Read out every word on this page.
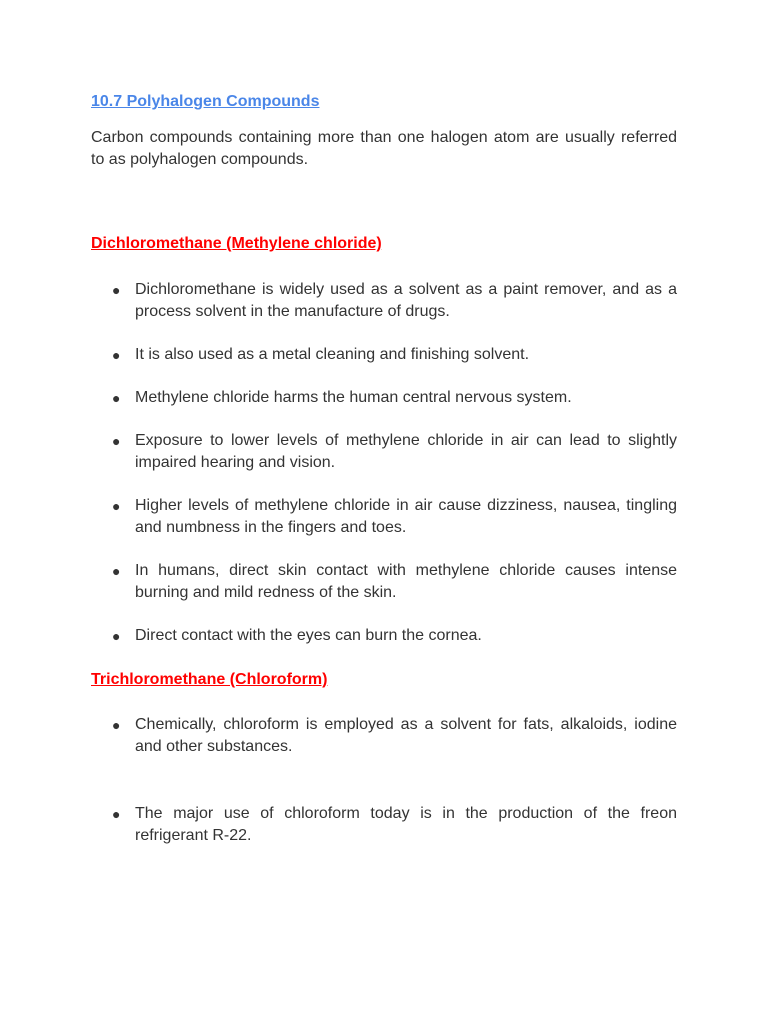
10.7 Polyhalogen Compounds

Carbon compounds containing more than one halogen atom are usually referred to as polyhalogen compounds.

Dichloromethane (Methylene chloride)
● Dichloromethane is widely used as a solvent as a paint remover, and as a process solvent in the manufacture of drugs.
● It is also used as a metal cleaning and finishing solvent.
● Methylene chloride harms the human central nervous system.
● Exposure to lower levels of methylene chloride in air can lead to slightly impaired hearing and vision.
● Higher levels of methylene chloride in air cause dizziness, nausea, tingling and numbness in the fingers and toes.
● In humans, direct skin contact with methylene chloride causes intense burning and mild redness of the skin.
● Direct contact with the eyes can burn the cornea.
Trichloromethane (Chloroform)
● Chemically, chloroform is employed as a solvent for fats, alkaloids, iodine and other substances.
● The major use of chloroform today is in the production of the freon refrigerant R-22.
